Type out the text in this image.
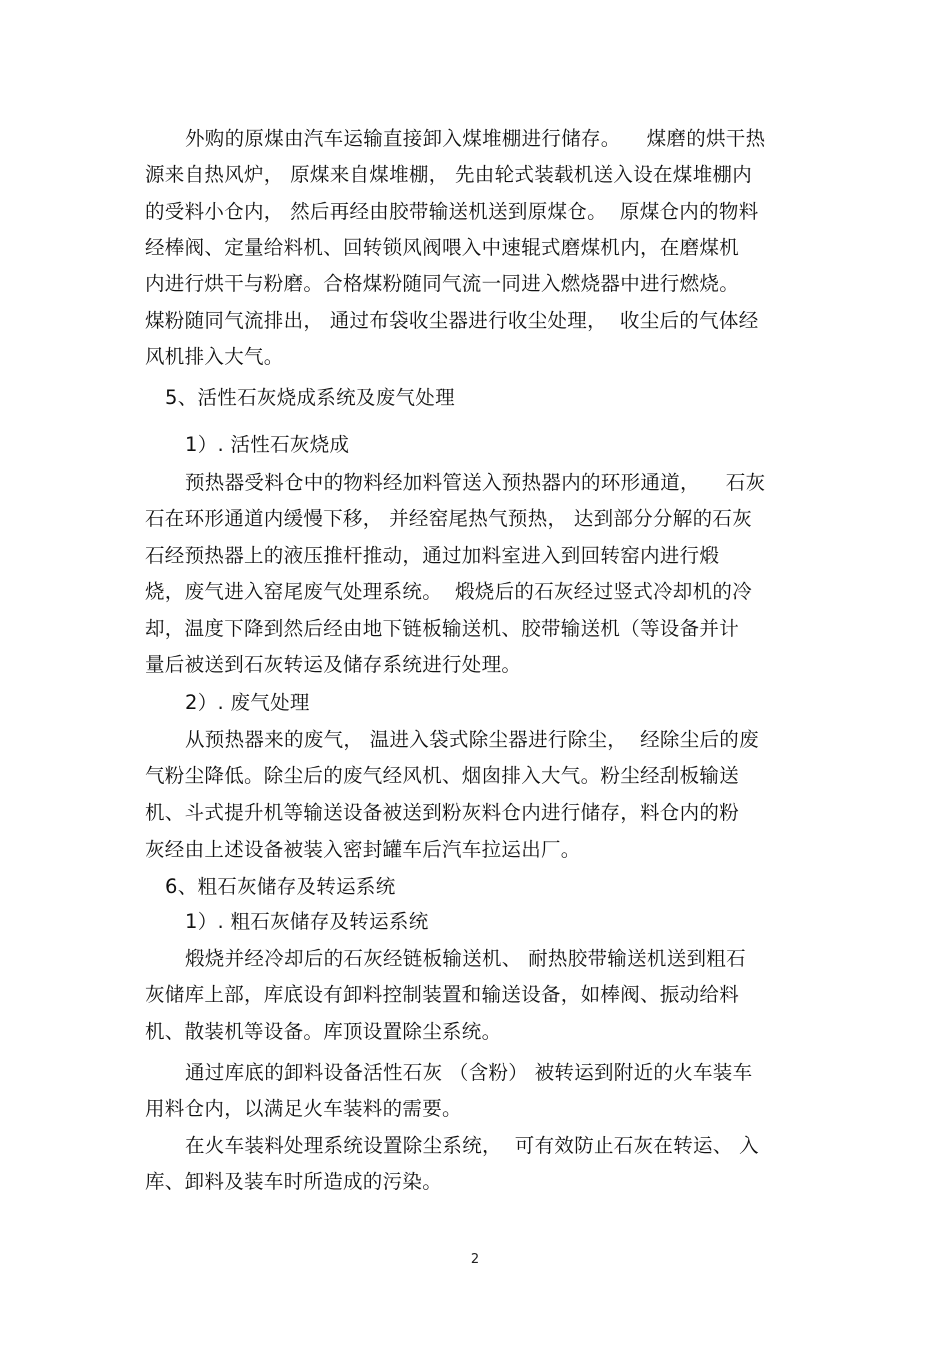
外购的原煤由汽车运输直接卸入煤堆棚进行储存。    煤磨的烘干热
源来自热风炉， 原煤来自煤堆棚， 先由轮式装载机送入设在煤堆棚内
的受料小仓内， 然后再经由胶带输送机送到原煤仓。  原煤仓内的物料
经棒阀、定量给料机、回转锁风阀喂入中速辊式磨煤机内，在磨煤机
内进行烘干与粉磨。合格煤粉随同气流一同进入燃烧器中进行燃烧。
煤粉随同气流排出， 通过布袋收尘器进行收尘处理，  收尘后的气体经
风机排入大气。
5、活性石灰烧成系统及废气处理
1）. 活性石灰烧成
预热器受料仓中的物料经加料管送入预热器内的环形通道，    石灰
石在环形通道内缓慢下移， 并经窑尾热气预热， 达到部分分解的石灰
石经预热器上的液压推杆推动，通过加料室进入到回转窑内进行煅
烧，废气进入窑尾废气处理系统。  煅烧后的石灰经过竖式冷却机的冷
却，温度下降到然后经由地下链板输送机、胶带输送机（等设备并计
量后被送到石灰转运及储存系统进行处理。
2）. 废气处理
从预热器来的废气， 温进入袋式除尘器进行除尘，  经除尘后的废
气粉尘降低。除尘后的废气经风机、烟囱排入大气。粉尘经刮板输送
机、斗式提升机等输送设备被送到粉灰料仓内进行储存，料仓内的粉
灰经由上述设备被装入密封罐车后汽车拉运出厂。
6、粗石灰储存及转运系统
1）. 粗石灰储存及转运系统
煅烧并经冷却后的石灰经链板输送机、 耐热胶带输送机送到粗石
灰储库上部，库底设有卸料控制装置和输送设备，如棒阀、振动给料
机、散装机等设备。库顶设置除尘系统。
通过库底的卸料设备活性石灰 （含粉） 被转运到附近的火车装车
用料仓内，以满足火车装料的需要。
在火车装料处理系统设置除尘系统，  可有效防止石灰在转运、 入
库、卸料及装车时所造成的污染。
2
